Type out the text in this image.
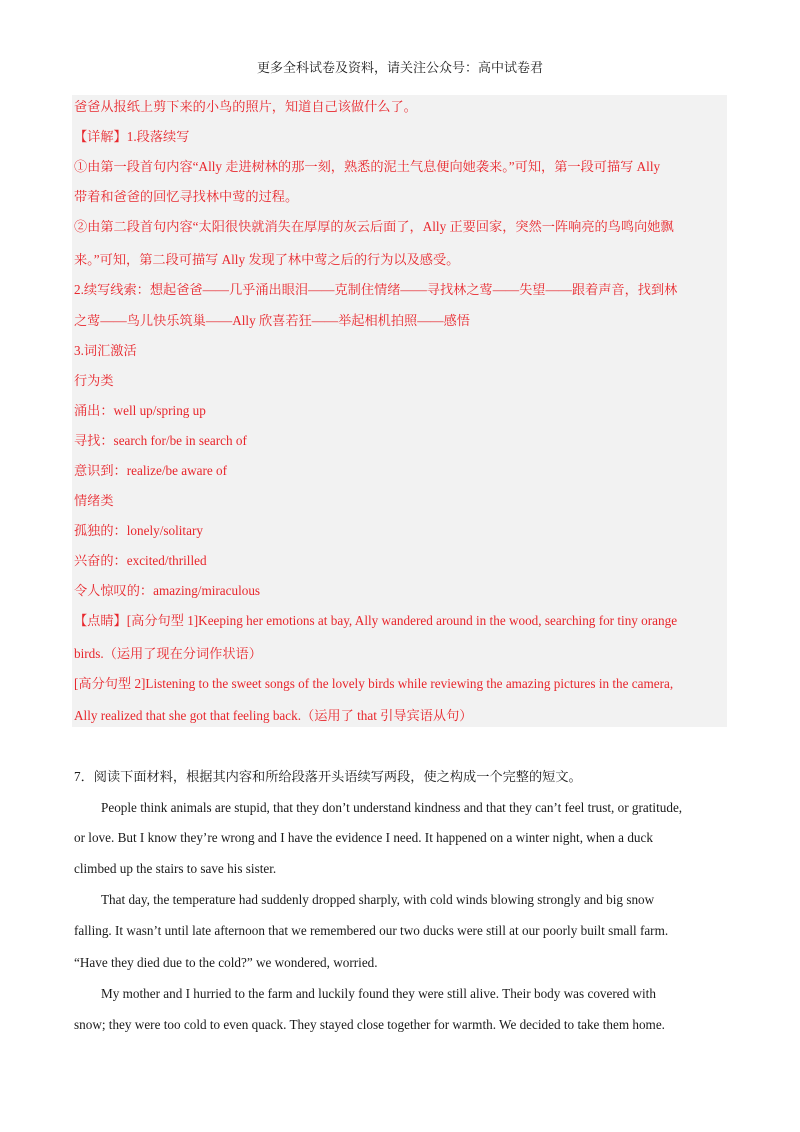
更多全科试卷及资料，请关注公众号：高中试卷君
爸爸从报纸上剪下来的小鸟的照片，知道自己该做什么了。
【详解】1.段落续写
①由第一段首句内容“Ally 走进树林的那一刻，熟悉的泥土气息便向她袭来。”可知，第一段可描写 Ally
带着和爸爸的回忆寻找林中莺的过程。
②由第二段首句内容“太阳很快就消失在厚厚的灰云后面了，Ally 正要回家，突然一阵响亮的鸟鸣向她飘
来。”可知，第二段可描写 Ally 发现了林中莺之后的行为以及感受。
2.续写线索：想起爸爸——几乎涌出眼泪——克制住情绪——寻找林之莺——失望——跟着声音，找到林
之莺——鸟儿快乐筑巢——Ally 欣喜若狂——举起相机拍照——感悟
3.词汇激活
行为类
涌出：well up/spring up
寻找：search for/be in search of
意识到：realize/be aware of
情绪类
孤独的：lonely/solitary
兴奋的：excited/thrilled
令人惊叹的：amazing/miraculous
【点睛】[高分句型 1]Keeping her emotions at bay, Ally wandered around in the wood, searching for tiny orange
birds.（运用了现在分词作状语）
[高分句型 2]Listening to the sweet songs of the lovely birds while reviewing the amazing pictures in the camera,
Ally realized that she got that feeling back.（运用了 that 引导宾语从句）
7．阅读下面材料，根据其内容和所给段落开头语续写两段，使之构成一个完整的短文。
People think animals are stupid, that they don’t understand kindness and that they can’t feel trust, or gratitude,
or love. But I know they’re wrong and I have the evidence I need. It happened on a winter night, when a duck
climbed up the stairs to save his sister.
That day, the temperature had suddenly dropped sharply, with cold winds blowing strongly and big snow
falling. It wasn’t until late afternoon that we remembered our two ducks were still at our poorly built small farm.
“Have they died due to the cold?” we wondered, worried.
My mother and I hurried to the farm and luckily found they were still alive. Their body was covered with
snow; they were too cold to even quack. They stayed close together for warmth. We decided to take them home.
